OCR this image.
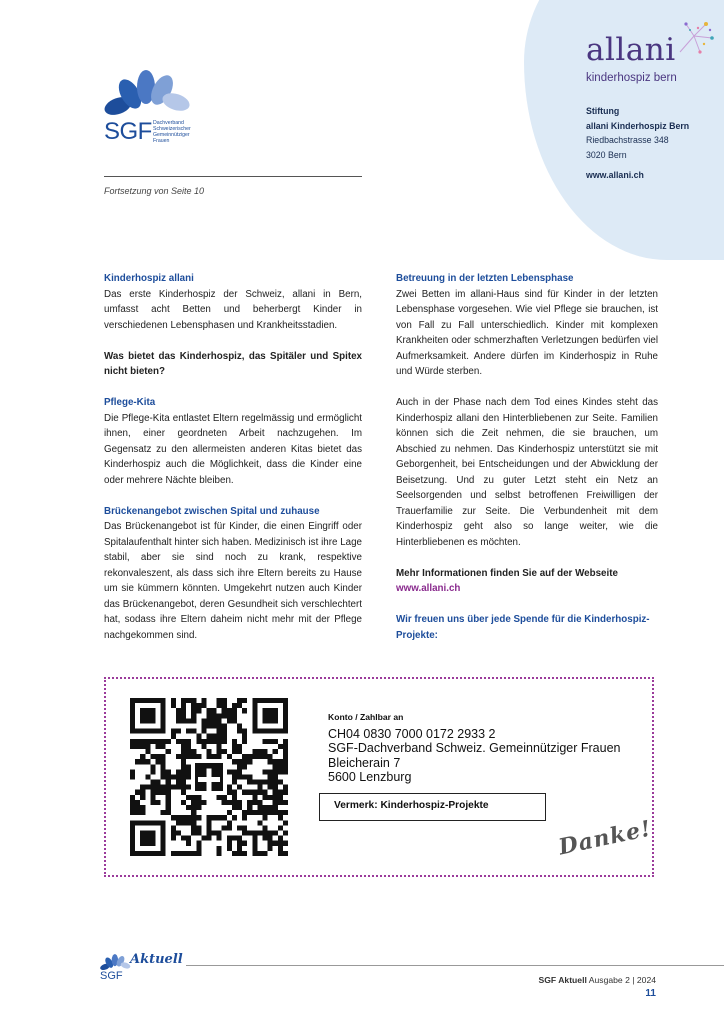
allani
kinderhospiz bern
Stiftung
allani Kinderhospiz Bern
Riedbachstrasse 348
3020 Bern
www.allani.ch
SGF Dachverband
Schweizerischer
Gemeinnütziger
Frauen
Fortsetzung von Seite 10
Kinderhospiz allani
Das erste Kinderhospiz der Schweiz, allani in Bern, umfasst acht Betten und beherbergt Kinder in verschiedenen Lebensphasen und Krankheitsstadien.
Was bietet das Kinderhospiz, das Spitäler und Spitex nicht bieten?
Pflege-Kita
Die Pflege-Kita entlastet Eltern regelmässig und ermöglicht ihnen, einer geordneten Arbeit nachzugehen. Im Gegensatz zu den allermeisten anderen Kitas bietet das Kinderhospiz auch die Möglichkeit, dass die Kinder eine oder mehrere Nächte bleiben.
Brückenangebot zwischen Spital und zuhause
Das Brückenangebot ist für Kinder, die einen Eingriff oder Spitalaufenthalt hinter sich haben. Medizinisch ist ihre Lage stabil, aber sie sind noch zu krank, respektive rekonvaleszent, als dass sich ihre Eltern bereits zu Hause um sie kümmern könnten. Umgekehrt nutzen auch Kinder das Brückenangebot, deren Gesundheit sich verschlechtert hat, sodass ihre Eltern daheim nicht mehr mit der Pflege nachgekommen sind.
Betreuung in der letzten Lebensphase
Zwei Betten im allani-Haus sind für Kinder in der letzten Lebensphase vorgesehen. Wie viel Pflege sie brauchen, ist von Fall zu Fall unterschiedlich. Kinder mit komplexen Krankheiten oder schmerzhaften Verletzungen bedürfen viel Aufmerksamkeit. Andere dürfen im Kinderhospiz in Ruhe und Würde sterben.
Auch in der Phase nach dem Tod eines Kindes steht das Kinderhospiz allani den Hinterbliebenen zur Seite. Familien können sich die Zeit nehmen, die sie brauchen, um Abschied zu nehmen. Das Kinderhospiz unterstützt sie mit Geborgenheit, bei Entscheidungen und der Abwicklung der Beisetzung. Und zu guter Letzt steht ein Netz an Seelsorgenden und selbst betroffenen Freiwilligen der Trauerfamilie zur Seite. Die Verbundenheit mit dem Kinderhospiz geht also so lange weiter, wie die Hinterbliebenen es möchten.
Mehr Informationen finden Sie auf der Webseite
www.allani.ch
Wir freuen uns über jede Spende für die Kinderhospiz-Projekte:
Konto / Zahlbar an
CH04 0830 7000 0172 2933 2
SGF-Dachverband Schweiz. Gemeinnütziger Frauen
Bleicherain 7
5600 Lenzburg
Vermerk: Kinderhospiz-Projekte
Danke!
Aktuell
SGF	SGF Aktuell Ausgabe 2 | 2024
11
